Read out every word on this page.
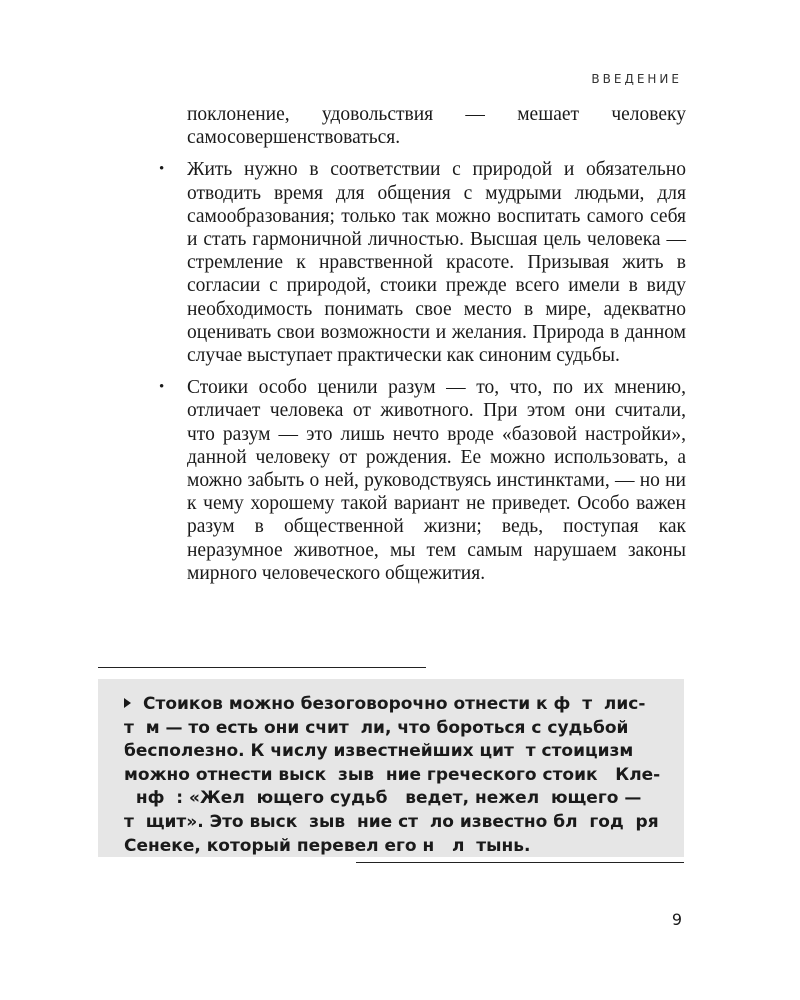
ВВЕДЕНИЕ

поклонение, удовольствия — мешает человеку самосовершенствоваться.

• Жить нужно в соответствии с природой и обязательно отводить время для общения с мудрыми людьми, для самообразования; только так можно воспитать самого себя и стать гармоничной личностью. Высшая цель человека — стремление к нравственной красоте. Призывая жить в согласии с природой, стоики прежде всего имели в виду необходимость понимать свое место в мире, адекватно оценивать свои возможности и желания. Природа в данном случае выступает практически как синоним судьбы.
• Стоики особо ценили разум — то, что, по их мнению, отличает человека от животного. При этом они считали, что разум — это лишь нечто вроде «базовой настройки», данной человеку от рождения. Ее можно использовать, а можно забыть о ней, руководствуясь инстинктами, — но ни к чему хорошему такой вариант не приведет. Особо важен разум в общественной жизни; ведь, поступая как неразумное животное, мы тем самым нарушаем законы мирного человеческого общежития.
Стоиков можно безоговорочно отнести к ф  т  лис-
т  м — то есть они счит  ли, что бороться с судьбой
бесполезно. К числу известнейших цит  т стоицизм
можно отнести выск  зыв  ние греческого стоик   Кле-
нф  : «Жел  ющего судьб   ведет, нежел  ющего —
т  щит». Это выск  зыв  ние ст  ло известно бл  год  ря
Сенеке, который перевел его н   л  тынь.
9
